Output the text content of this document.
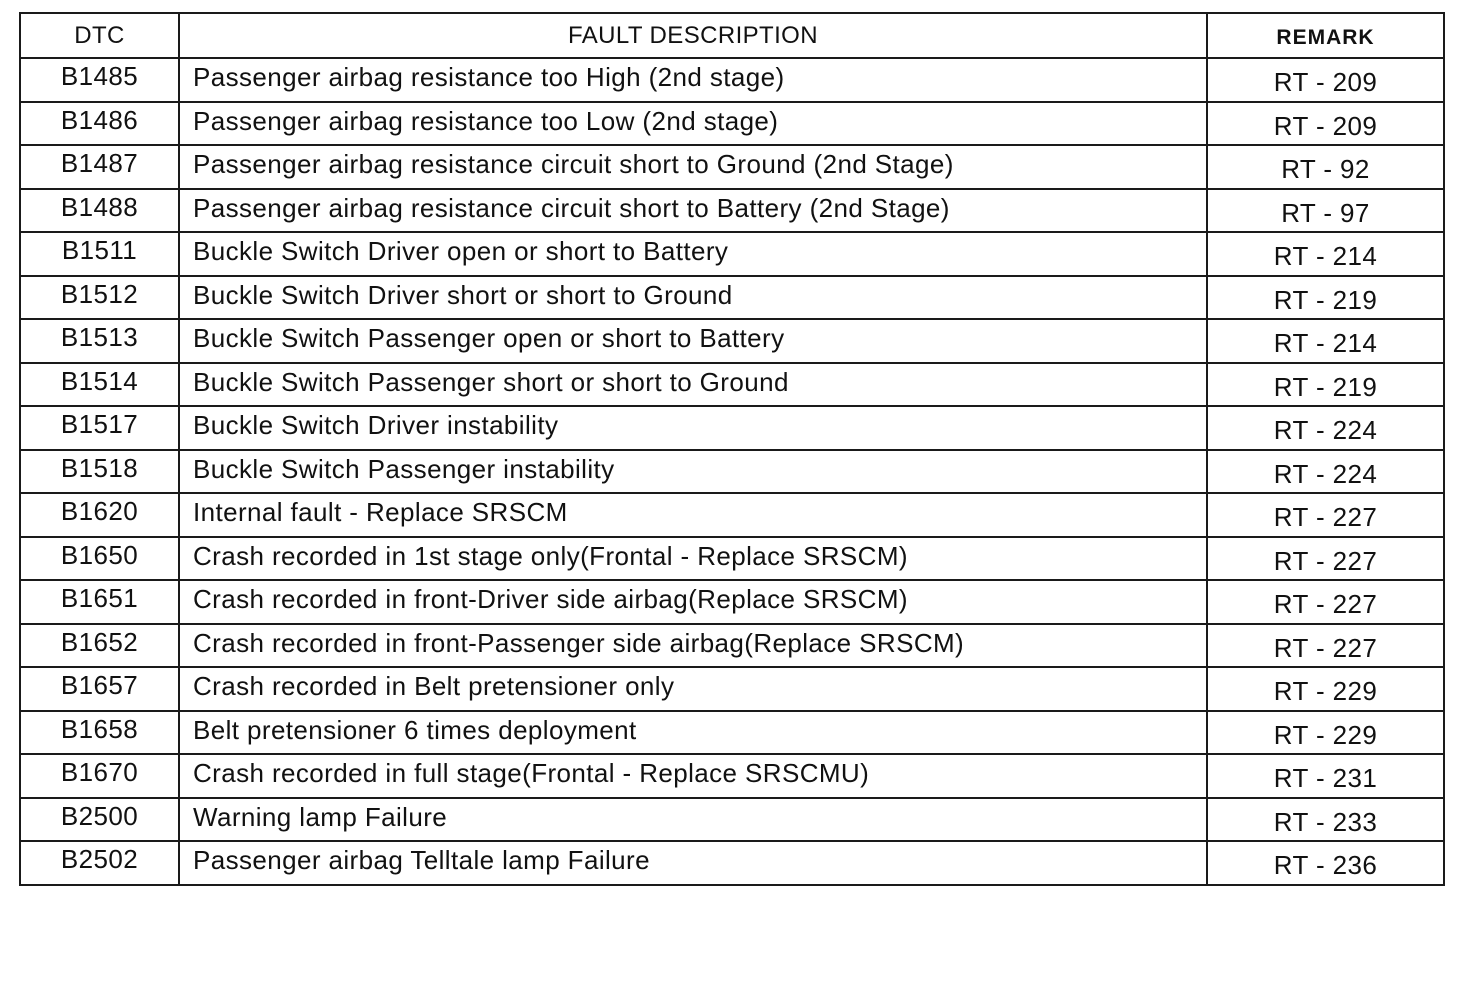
DTC	FAULT DESCRIPTION	REMARK
B1485	Passenger airbag resistance too High (2nd stage)	RT - 209
B1486	Passenger airbag resistance too Low (2nd stage)	RT - 209
B1487	Passenger airbag resistance circuit short to Ground (2nd Stage)	RT - 92
B1488	Passenger airbag resistance circuit short to Battery (2nd Stage)	RT - 97
B1511	Buckle Switch Driver open or short to Battery	RT - 214
B1512	Buckle Switch Driver short or short to Ground	RT - 219
B1513	Buckle Switch Passenger open or short to Battery	RT - 214
B1514	Buckle Switch Passenger short or short to Ground	RT - 219
B1517	Buckle Switch Driver instability	RT - 224
B1518	Buckle Switch Passenger instability	RT - 224
B1620	Internal fault - Replace SRSCM	RT - 227
B1650	Crash recorded in 1st stage only(Frontal - Replace SRSCM)	RT - 227
B1651	Crash recorded in front-Driver side airbag(Replace SRSCM)	RT - 227
B1652	Crash recorded in front-Passenger side airbag(Replace SRSCM)	RT - 227
B1657	Crash recorded in Belt pretensioner only	RT - 229
B1658	Belt pretensioner 6 times deployment	RT - 229
B1670	Crash recorded in full stage(Frontal - Replace SRSCMU)	RT - 231
B2500	Warning lamp Failure	RT - 233
B2502	Passenger airbag Telltale lamp Failure	RT - 236
